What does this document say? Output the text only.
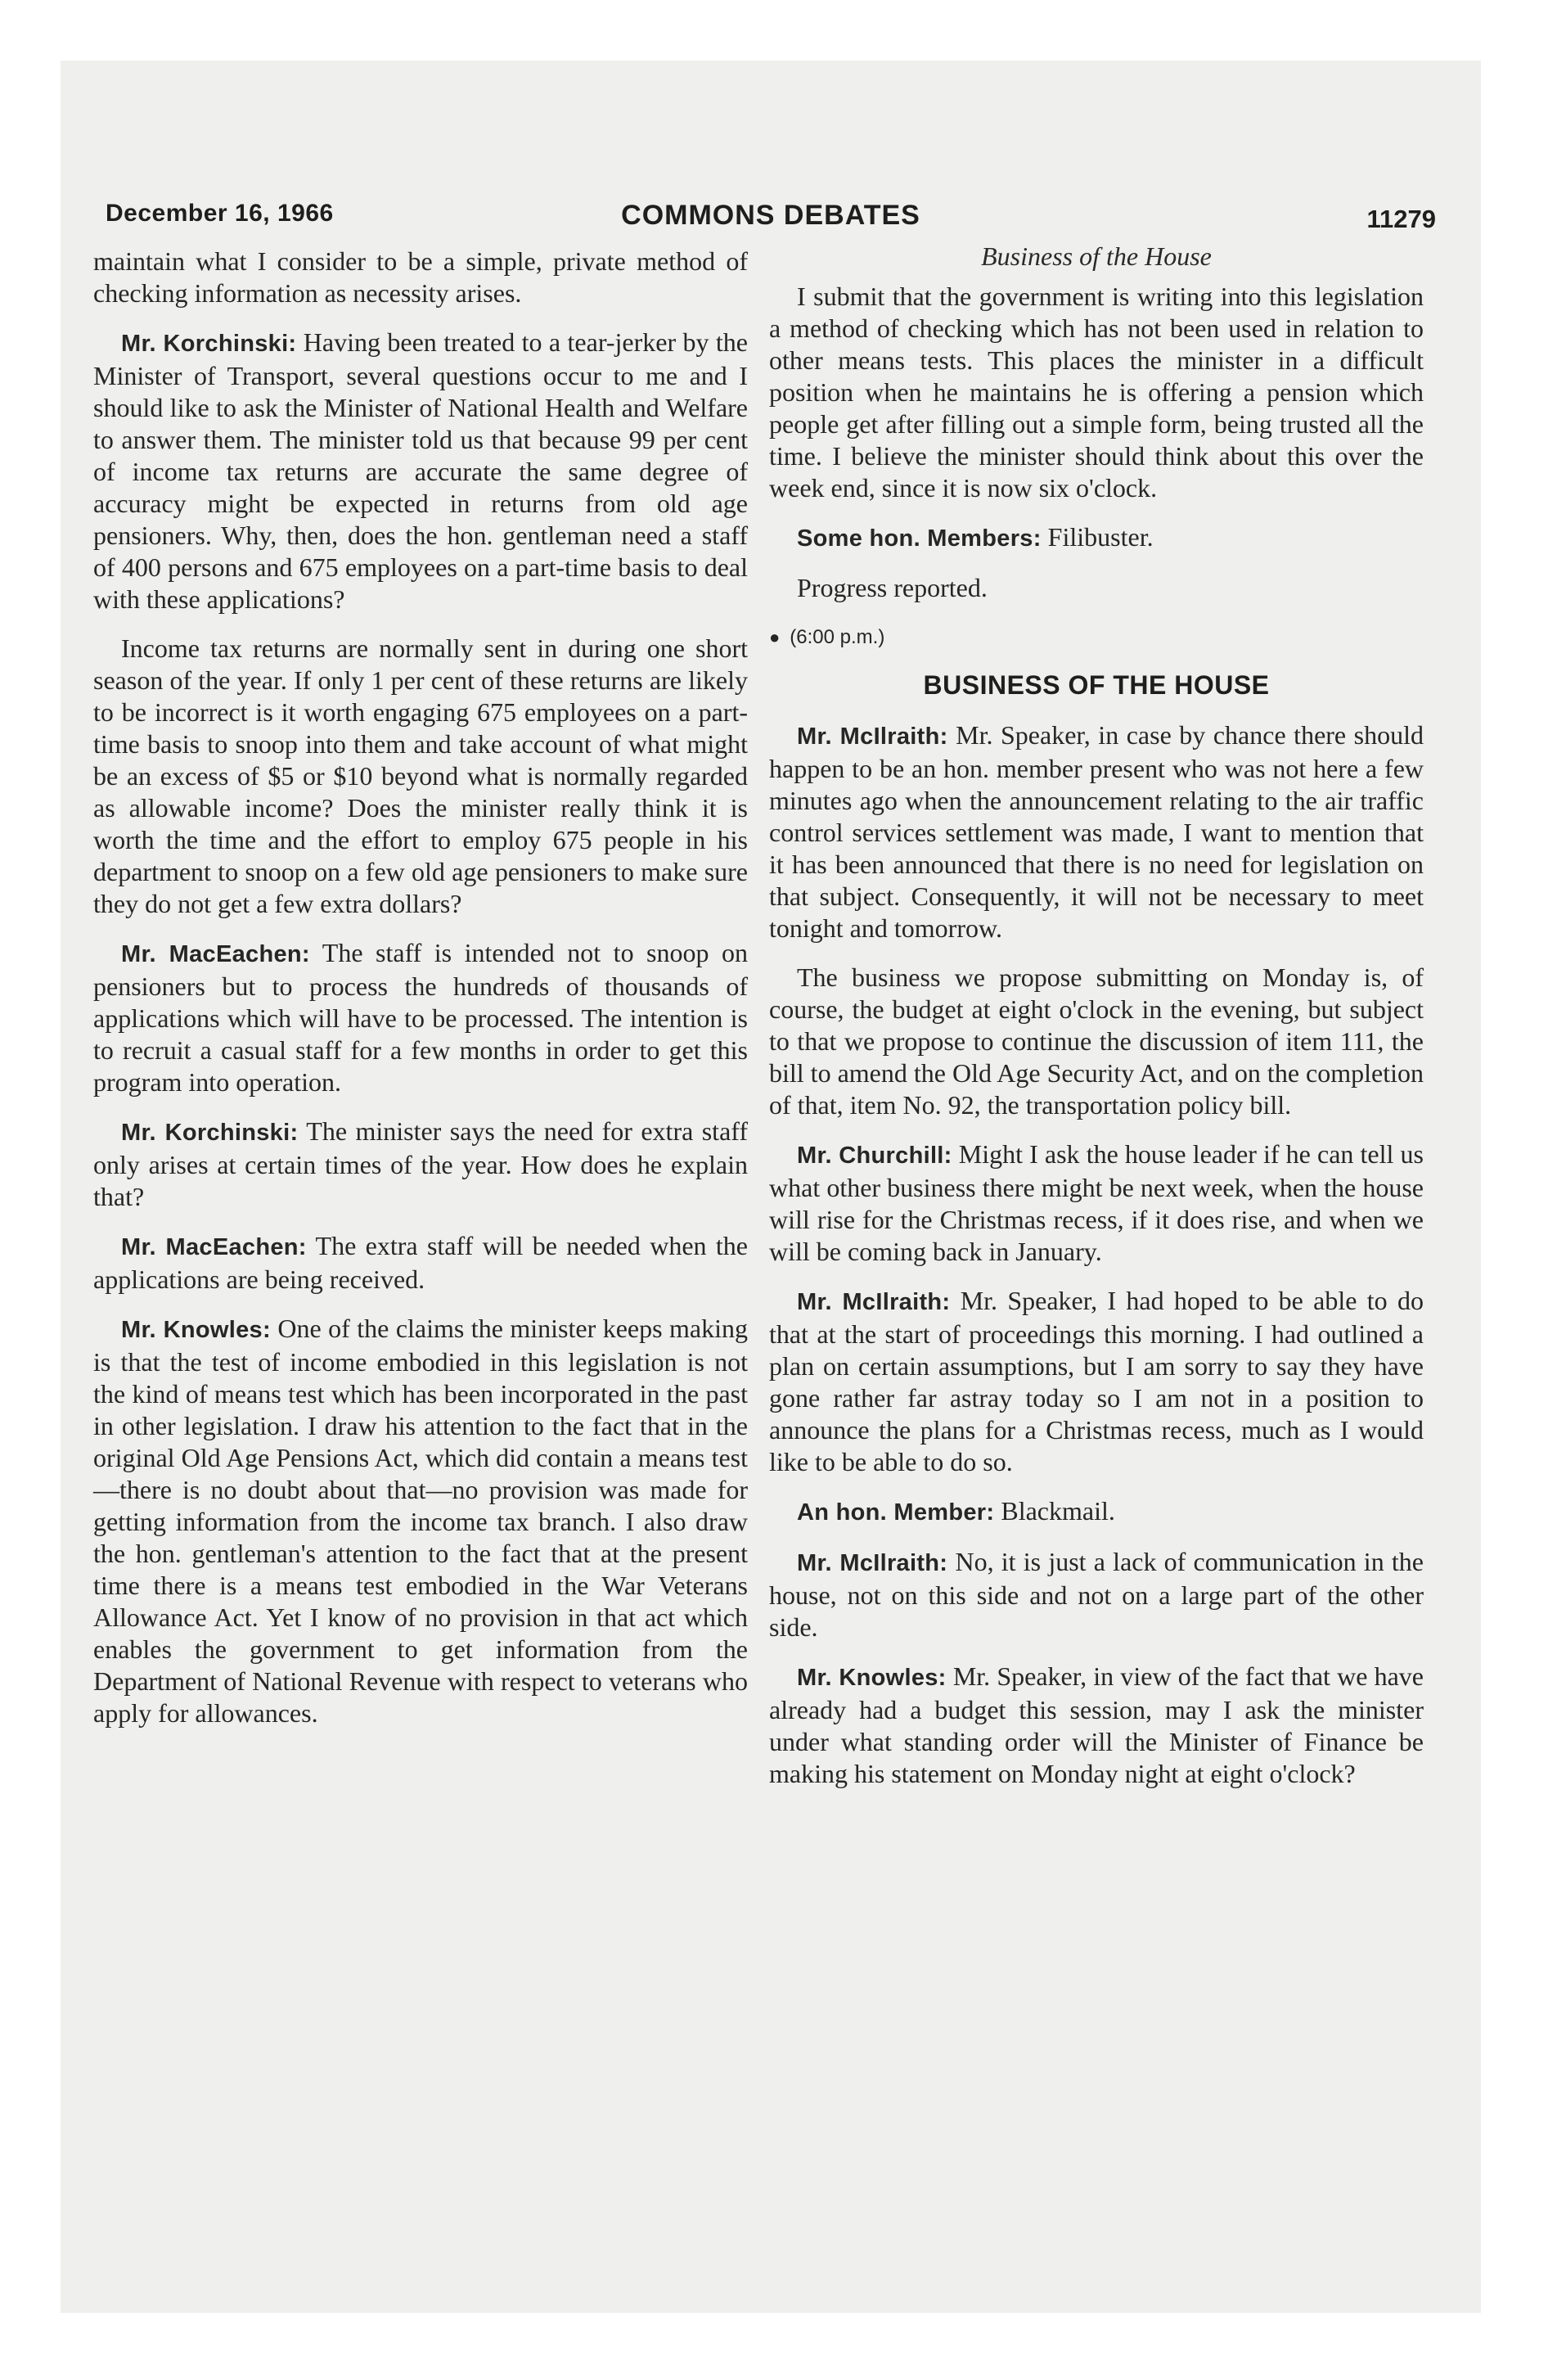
December 16, 1966	COMMONS DEBATES	11279

maintain what I consider to be a simple, private method of checking information as necessity arises.

Mr. Korchinski: Having been treated to a tear-jerker by the Minister of Transport, several questions occur to me and I should like to ask the Minister of National Health and Welfare to answer them. The minister told us that because 99 per cent of income tax returns are accurate the same degree of accuracy might be expected in returns from old age pensioners. Why, then, does the hon. gentleman need a staff of 400 persons and 675 employees on a part-time basis to deal with these applications?

Income tax returns are normally sent in during one short season of the year. If only 1 per cent of these returns are likely to be incorrect is it worth engaging 675 employees on a part-time basis to snoop into them and take account of what might be an excess of $5 or $10 beyond what is normally regarded as allowable income? Does the minister really think it is worth the time and the effort to employ 675 people in his department to snoop on a few old age pensioners to make sure they do not get a few extra dollars?

Mr. MacEachen: The staff is intended not to snoop on pensioners but to process the hundreds of thousands of applications which will have to be processed. The intention is to recruit a casual staff for a few months in order to get this program into operation.

Mr. Korchinski: The minister says the need for extra staff only arises at certain times of the year. How does he explain that?

Mr. MacEachen: The extra staff will be needed when the applications are being received.

Mr. Knowles: One of the claims the minister keeps making is that the test of income embodied in this legislation is not the kind of means test which has been incorporated in the past in other legislation. I draw his attention to the fact that in the original Old Age Pensions Act, which did contain a means test —there is no doubt about that—no provision was made for getting information from the income tax branch. I also draw the hon. gentleman's attention to the fact that at the present time there is a means test embodied in the War Veterans Allowance Act. Yet I know of no provision in that act which enables the government to get information from the Department of National Revenue with respect to veterans who apply for allowances.

Business of the House

I submit that the government is writing into this legislation a method of checking which has not been used in relation to other means tests. This places the minister in a difficult position when he maintains he is offering a pension which people get after filling out a simple form, being trusted all the time. I believe the minister should think about this over the week end, since it is now six o'clock.

Some hon. Members: Filibuster.

Progress reported.

● (6:00 p.m.)
BUSINESS OF THE HOUSE

Mr. McIlraith: Mr. Speaker, in case by chance there should happen to be an hon. member present who was not here a few minutes ago when the announcement relating to the air traffic control services settlement was made, I want to mention that it has been announced that there is no need for legislation on that subject. Consequently, it will not be necessary to meet tonight and tomorrow.

The business we propose submitting on Monday is, of course, the budget at eight o'clock in the evening, but subject to that we propose to continue the discussion of item 111, the bill to amend the Old Age Security Act, and on the completion of that, item No. 92, the transportation policy bill.

Mr. Churchill: Might I ask the house leader if he can tell us what other business there might be next week, when the house will rise for the Christmas recess, if it does rise, and when we will be coming back in January.

Mr. McIlraith: Mr. Speaker, I had hoped to be able to do that at the start of proceedings this morning. I had outlined a plan on certain assumptions, but I am sorry to say they have gone rather far astray today so I am not in a position to announce the plans for a Christmas recess, much as I would like to be able to do so.

An hon. Member: Blackmail.

Mr. McIlraith: No, it is just a lack of communication in the house, not on this side and not on a large part of the other side.

Mr. Knowles: Mr. Speaker, in view of the fact that we have already had a budget this session, may I ask the minister under what standing order will the Minister of Finance be making his statement on Monday night at eight o'clock?
